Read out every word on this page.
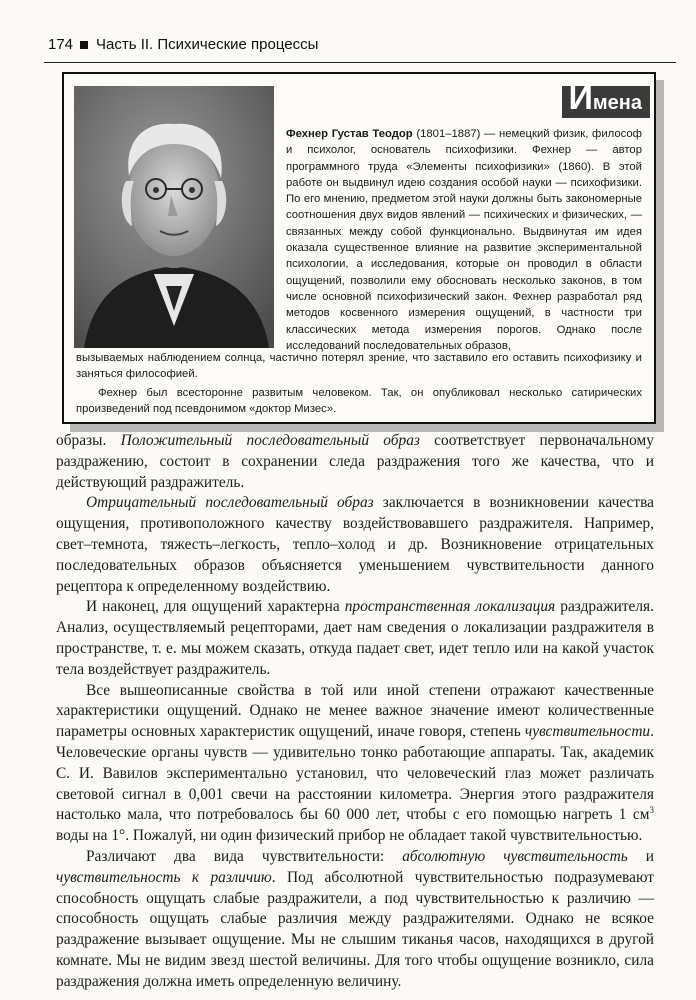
174 Часть II. Психические процессы
И мена

Фехнер Густав Теодор (1801–1887) — немецкий физик, философ и психолог, основатель психофизики. Фехнер — автор программного труда «Элементы психофизики» (1860). В этой работе он выдвинул идею создания особой науки — психофизики. По его мнению, предметом этой науки должны быть закономерные соотношения двух видов явлений — психических и физических, — связанных между собой функционально. Выдвинутая им идея оказала существенное влияние на развитие экспериментальной психологии, а исследования, которые он проводил в области ощущений, позволили ему обосновать несколько законов, в том числе основной психофизический закон. Фехнер разработал ряд методов косвенного измерения ощущений, в частности три классических метода измерения порогов. Однако после исследований последовательных образов,

вызываемых наблюдением солнца, частично потерял зрение, что заставило его оставить психофизику и заняться философией.

Фехнер был всесторонне развитым человеком. Так, он опубликовал несколько сатирических произведений под псевдонимом «доктор Мизес».

образы. Положительный последовательный образ соответствует первоначальному раздражению, состоит в сохранении следа раздражения того же качества, что и действующий раздражитель.

Отрицательный последовательный образ заключается в возникновении качества ощущения, противоположного качеству воздействовавшего раздражителя. Например, свет–темнота, тяжесть–легкость, тепло–холод и др. Возникновение отрицательных последовательных образов объясняется уменьшением чувствительности данного рецептора к определенному воздействию.

И наконец, для ощущений характерна пространственная локализация раздражителя. Анализ, осуществляемый рецепторами, дает нам сведения о локализации раздражителя в пространстве, т. е. мы можем сказать, откуда падает свет, идет тепло или на какой участок тела воздействует раздражитель.

Все вышеописанные свойства в той или иной степени отражают качественные характеристики ощущений. Однако не менее важное значение имеют количественные параметры основных характеристик ощущений, иначе говоря, степень чувствительности. Человеческие органы чувств — удивительно тонко работающие аппараты. Так, академик С. И. Вавилов экспериментально установил, что человеческий глаз может различать световой сигнал в 0,001 свечи на расстоянии километра. Энергия этого раздражителя настолько мала, что потребовалось бы 60 000 лет, чтобы с его помощью нагреть 1 $см^3$ воды на 1°. Пожалуй, ни один физический прибор не обладает такой чувствительностью.

Различают два вида чувствительности: абсолютную чувствительность и чувствительность к различию. Под абсолютной чувствительностью подразумевают способность ощущать слабые раздражители, а под чувствительностью к различию — способность ощущать слабые различия между раздражителями. Однако не всякое раздражение вызывает ощущение. Мы не слышим тиканья часов, находящихся в другой комнате. Мы не видим звезд шестой величины. Для того чтобы ощущение возникло, сила раздражения должна иметь определенную величину.
